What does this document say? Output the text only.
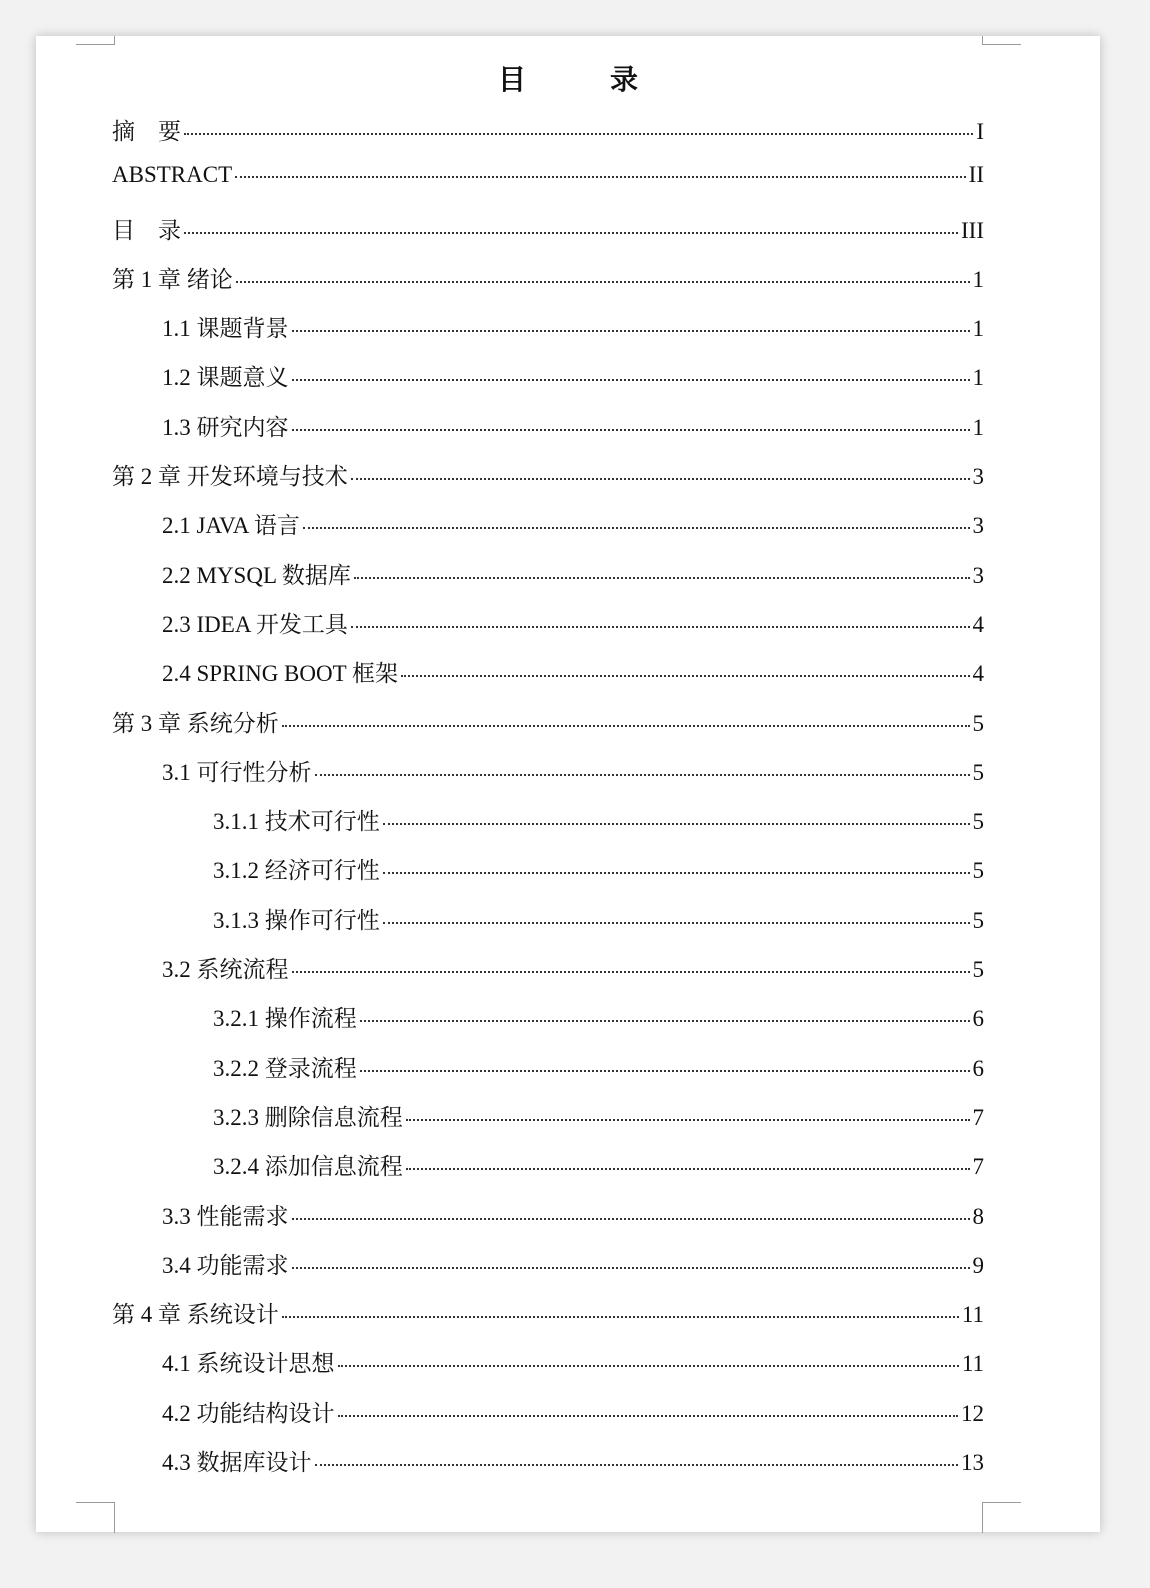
目　录
摘　要	I
ABSTRACT	II
目　录	III
第 1 章 绪论	1
1.1 课题背景	1
1.2 课题意义	1
1.3 研究内容	1
第 2 章 开发环境与技术	3
2.1 JAVA 语言	3
2.2 MYSQL 数据库	3
2.3 IDEA 开发工具	4
2.4 SPRING BOOT 框架	4
第 3 章 系统分析	5
3.1 可行性分析	5
3.1.1 技术可行性	5
3.1.2 经济可行性	5
3.1.3 操作可行性	5
3.2 系统流程	5
3.2.1 操作流程	6
3.2.2 登录流程	6
3.2.3 删除信息流程	7
3.2.4 添加信息流程	7
3.3 性能需求	8
3.4 功能需求	9
第 4 章 系统设计	11
4.1 系统设计思想	11
4.2 功能结构设计	12
4.3 数据库设计	13
